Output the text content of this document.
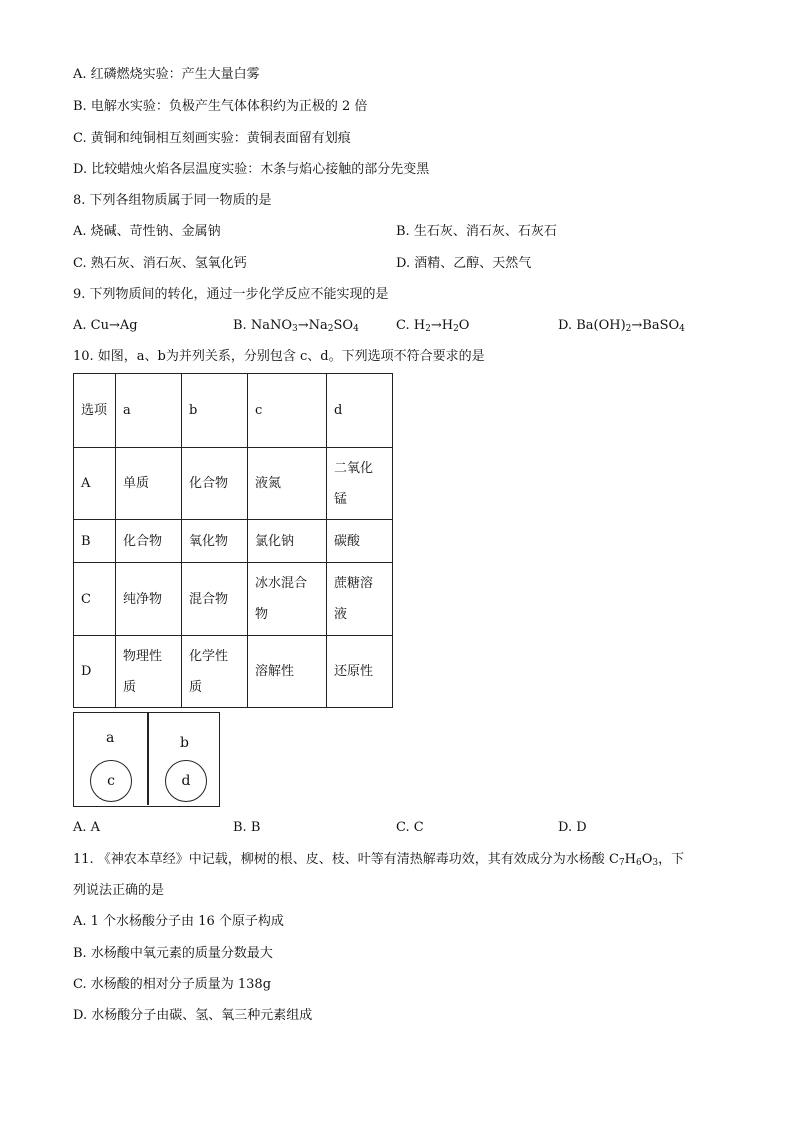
A. 红磷燃烧实验：产生大量白雾
B. 电解水实验：负极产生气体体积约为正极的 2 倍
C. 黄铜和纯铜相互刻画实验：黄铜表面留有划痕
D. 比较蜡烛火焰各层温度实验：木条与焰心接触的部分先变黑
8. 下列各组物质属于同一物质的是
A. 烧碱、苛性钠、金属钠	B. 生石灰、消石灰、石灰石
C. 熟石灰、消石灰、氢氧化钙	D. 酒精、乙醇、天然气
9. 下列物质间的转化，通过一步化学反应不能实现的是
A. Cu→Ag	B. $NaNO_3\to Na_2SO_4$	C. $H_2\to H_2O$	D. $Ba(OH)_2\to BaSO_4$
10. 如图，a、b为并列关系，分别包含 c、d。下列选项不符合要求的是
选项	a	b	c	d
A	单质	化合物	液氮	二氧化锰
B	化合物	氧化物	氯化钠	碳酸
C	纯净物	混合物	冰水混合物	蔗糖溶液
D	物理性质	化学性质	溶解性	还原性
a
c
b
d
A. A	B. B	C. C	D. D
11. 《神农本草经》中记载，柳树的根、皮、枝、叶等有清热解毒功效，其有效成分为水杨酸 $C_7H_6O_3$，下
列说法正确的是
A. 1 个水杨酸分子由 16 个原子构成
B. 水杨酸中氧元素的质量分数最大
C. 水杨酸的相对分子质量为 138g
D. 水杨酸分子由碳、氢、氧三种元素组成
